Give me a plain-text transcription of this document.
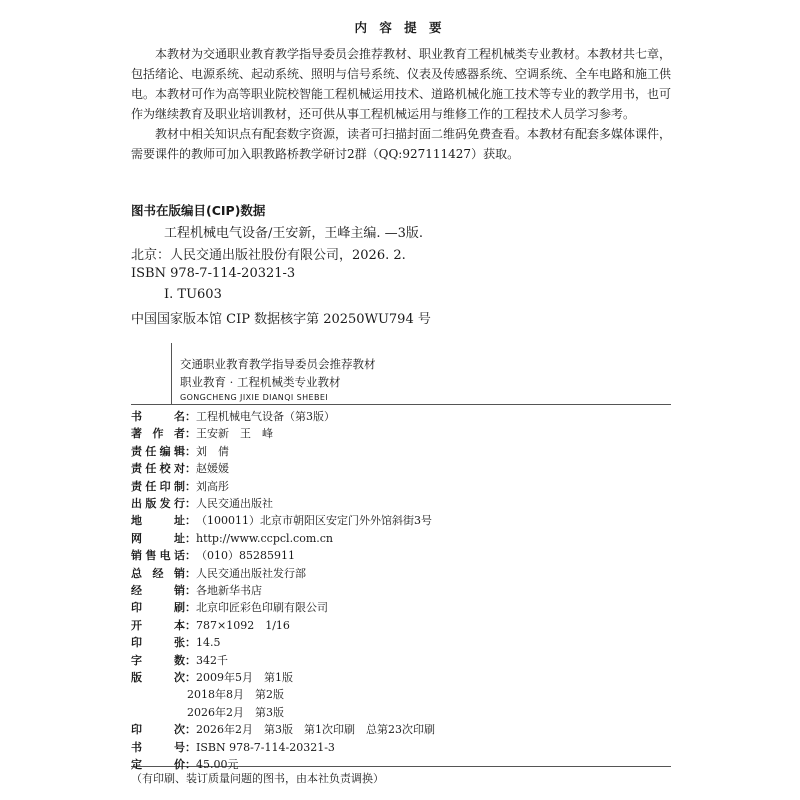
内 容 提 要
本教材为交通职业教育教学指导委员会推荐教材、职业教育工程机械类专业教材。本教材共七章，包括绪论、电源系统、起动系统、照明与信号系统、仪表及传感器系统、空调系统、全车电路和施工供电。 本教材可作为高等职业院校智能工程机械运用技术、道路机械化施工技术等专业的教学用书，也可作为继续教育及职业培训教材，还可供从事工程机械运用与维修工作的工程技术人员学习参考。
教材中相关知识点有配套数字资源，读者可扫描封面二维码免费查看。本教材有配套多媒体课件，需要课件的教师可加入职教路桥教学研讨2群（QQ:927111427）获取。
图书在版编目(CIP)数据
工程机械电气设备/王安新，王峰主编. —3版.
北京：人民交通出版社股份有限公司，2026. 2.
ISBN 978-7-114-20321-3
Ⅰ. TU603
中国国家版本馆 CIP 数据核字第 20250WU794 号
交通职业教育教学指导委员会推荐教材
职业教育 · 工程机械类专业教材
GONGCHENG JIXIE DIANQI SHEBEI
书名：工程机械电气设备（第3版）
著作者：王安新　王　峰
责任编辑：刘　倩
责任校对：赵媛媛
责任印制：刘高彤
出版发行：人民交通出版社
地址：（100011）北京市朝阳区安定门外外馆斜街3号
网址：http://www.ccpcl.com.cn
销售电话：（010）85285911
总经销：人民交通出版社发行部
经销：各地新华书店
印刷：北京印匠彩色印刷有限公司
开本：787×1092　1/16
印张：14.5
字数：342千
版次：2009年5月　第1版
2018年8月　第2版
2026年2月　第3版
印次：2026年2月　第3版　第1次印刷　总第23次印刷
书号：ISBN 978-7-114-20321-3
定价：45.00元
（有印刷、装订质量问题的图书，由本社负责调换）
